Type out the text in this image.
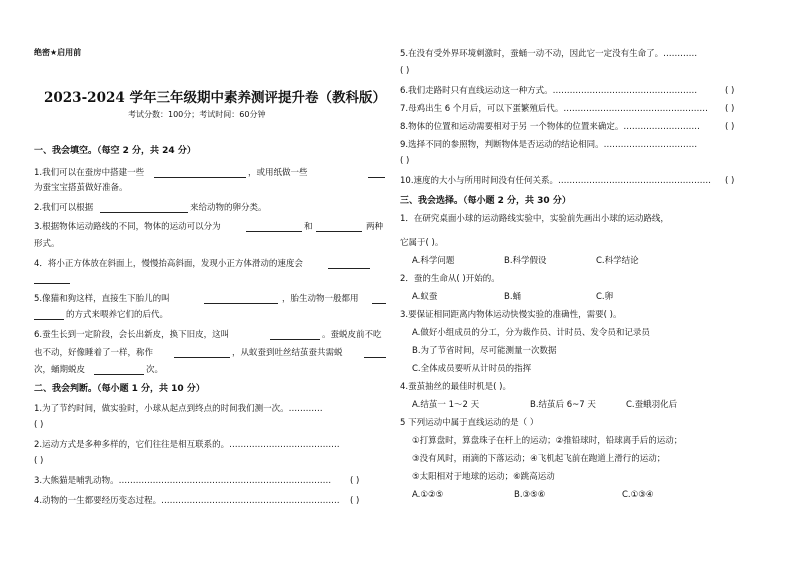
绝密★启用前
2023-2024 学年三年级期中素养测评提升卷（教科版）
考试分数：100分；考试时间：60分钟
一、我会填空。（每空 2 分，共 24 分）
1.我们可以在蚕房中搭建一些	，或用纸做一些
为蚕宝宝搭茧做好准备。
2.我们可以根据	来给动物的卵分类。
3.根据物体运动路线的不同，物体的运动可以分为	和	两种
形式。
4．将小正方体放在斜面上，慢慢抬高斜面，发现小正方体滑动的速度会
5.像猫和狗这样，直接生下胎儿的叫	，胎生动物一般都用
的方式来喂养它们的后代。
6.蚕生长到一定阶段，会长出新皮，换下旧皮，这叫	。蚕蜕皮前不吃
也不动，好像睡着了一样，称作	，从蚁蚕到吐丝结茧蚕共需蜕
次，蛹期蜕皮	次。
二、我会判断。（每小题 1 分，共 10 分）
1.为了节约时间，做实验时，小球从起点到终点的时间我们测一次。…………
( )
2.运动方式是多种多样的，它们往往是相互联系的。…………………………………
( )
3.大熊猫是哺乳动物。………………………………………………………………… ( )
4.动物的一生都要经历变态过程。……………………………………………………… ( )
5.在没有受外界环境刺激时，蚕蛹一动不动，因此它一定没有生命了。…………
( )
6.我们走路时只有直线运动这一种方式。……………………………………………	( )
7.母鸡出生 6 个月后，可以下蛋繁殖后代。…………………………………………… ( )
8.物体的位置和运动需要相对于另 一个物体的位置来确定。………………………	( )
9.选择不同的参照物，判断物体是否运动的结论相同。……………………………
( )
10.速度的大小与所用时间没有任何关系。……………………………………………… ( )
三、我会选择。（每小题 2 分，共 30 分）
1．在研究桌面小球的运动路线实验中，实验前先画出小球的运动路线，
它属于( )。
A.科学问题	B.科学假设	C.科学结论
2．蚕的生命从( )开始的。
A.蚁蚕	B.蛹	C.卵
3.要保证相同距离内物体运动快慢实验的准确性，需要( )。
A.做好小组成员的分工，分为裁作员、计时员、发令员和记录员
B.为了节省时间，尽可能测量一次数据
C.全体成员要听从计时员的指挥
4.蚕茧抽丝的最佳时机是( )。
A.结茧一 1～2 天	B.结茧后 6~7 天	C.蚕蛾羽化后
5 下列运动中属于直线运动的是（ ）
①打算盘时，算盘珠子在杆上的运动；②推铅球时，铅球离手后的运动；
③没有风时，雨滴的下落运动；④飞机起飞前在跑道上滑行的运动；
⑤太阳相对于地球的运动；⑥跳高运动
A.①②⑤	B.③⑤⑥	C.①③④
